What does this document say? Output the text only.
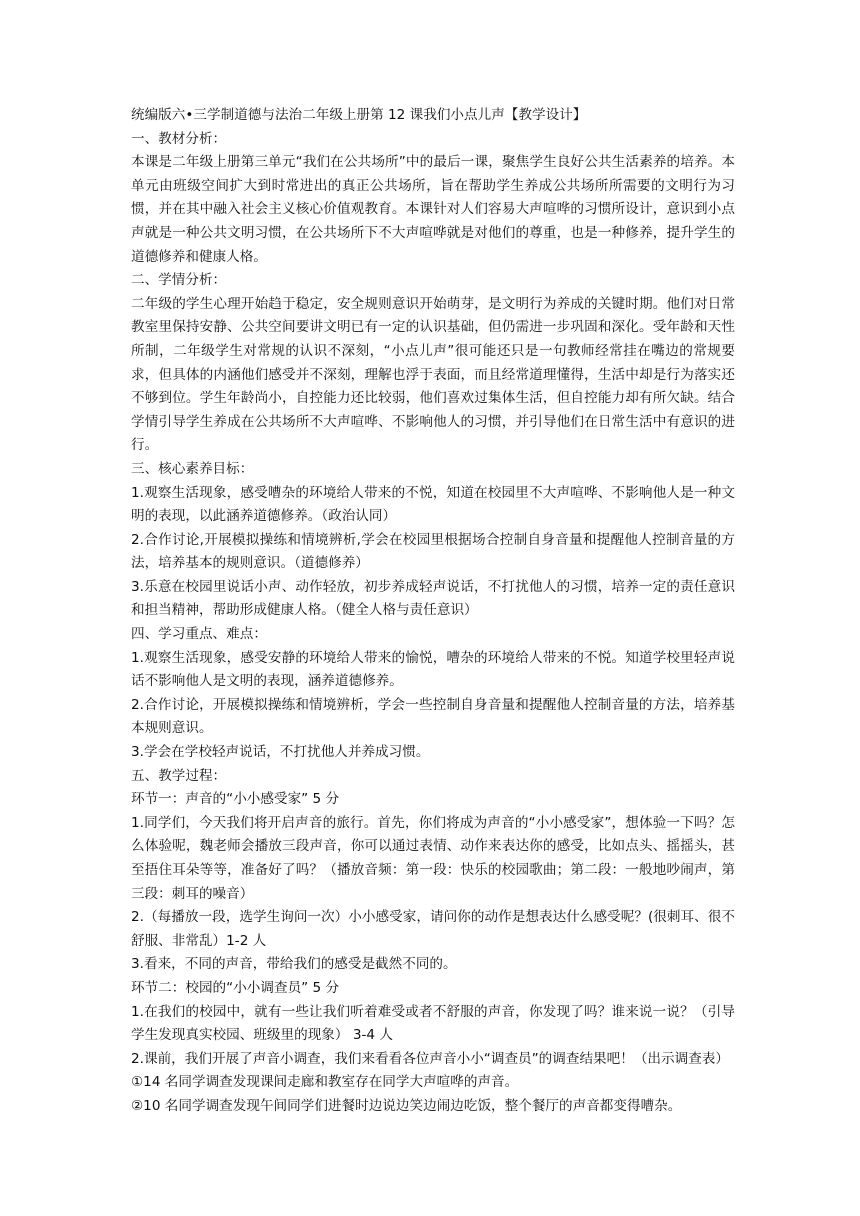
统编版六•三学制道德与法治二年级上册第 12 课我们小点儿声【教学设计】

一、教材分析：

本课是二年级上册第三单元“我们在公共场所”中的最后一课，聚焦学生良好公共生活素养的培养。本单元由班级空间扩大到时常进出的真正公共场所，旨在帮助学生养成公共场所所需要的文明行为习惯，并在其中融入社会主义核心价值观教育。本课针对人们容易大声喧哗的习惯所设计，意识到小点声就是一种公共文明习惯，在公共场所下不大声喧哗就是对他们的尊重，也是一种修养，提升学生的道德修养和健康人格。

二、学情分析：

二年级的学生心理开始趋于稳定，安全规则意识开始萌芽，是文明行为养成的关键时期。他们对日常教室里保持安静、公共空间要讲文明已有一定的认识基础，但仍需进一步巩固和深化。受年龄和天性所制，二年级学生对常规的认识不深刻，“小点儿声”很可能还只是一句教师经常挂在嘴边的常规要求，但具体的内涵他们感受并不深刻，理解也浮于表面，而且经常道理懂得，生活中却是行为落实还不够到位。学生年龄尚小，自控能力还比较弱，他们喜欢过集体生活，但自控能力却有所欠缺。结合学情引导学生养成在公共场所不大声喧哗、不影响他人的习惯，并引导他们在日常生活中有意识的进行。

三、核心素养目标：

1.观察生活现象，感受嘈杂的环境给人带来的不悦，知道在校园里不大声喧哗、不影响他人是一种文明的表现，以此涵养道德修养。（政治认同）

2.合作讨论,开展模拟操练和情境辨析,学会在校园里根据场合控制自身音量和提醒他人控制音量的方法，培养基本的规则意识。（道德修养）

3.乐意在校园里说话小声、动作轻放，初步养成轻声说话，不打扰他人的习惯，培养一定的责任意识和担当精神，帮助形成健康人格。（健全人格与责任意识）

四、学习重点、难点：

1.观察生活现象，感受安静的环境给人带来的愉悦，嘈杂的环境给人带来的不悦。知道学校里轻声说话不影响他人是文明的表现，涵养道德修养。

2.合作讨论，开展模拟操练和情境辨析，学会一些控制自身音量和提醒他人控制音量的方法，培养基本规则意识。

3.学会在学校轻声说话，不打扰他人并养成习惯。

五、教学过程：

环节一：声音的“小小感受家” 5 分

1.同学们，今天我们将开启声音的旅行。首先，你们将成为声音的“小小感受家”，想体验一下吗？怎么体验呢，魏老师会播放三段声音，你可以通过表情、动作来表达你的感受，比如点头、摇摇头，甚至捂住耳朵等等，准备好了吗？（播放音频：第一段：快乐的校园歌曲；第二段：一般地吵闹声，第三段：刺耳的噪音）

2.（每播放一段，选学生询问一次）小小感受家，请问你的动作是想表达什么感受呢？(很刺耳、很不舒服、非常乱）1-2 人

3.看来，不同的声音，带给我们的感受是截然不同的。

环节二：校园的“小小调查员” 5 分

1.在我们的校园中，就有一些让我们听着难受或者不舒服的声音，你发现了吗？谁来说一说？（引导学生发现真实校园、班级里的现象） 3-4 人

2.课前，我们开展了声音小调查，我们来看看各位声音小小“调查员”的调查结果吧！（出示调查表）

①14 名同学调查发现课间走廊和教室存在同学大声喧哗的声音。

②10 名同学调查发现午间同学们进餐时边说边笑边闹边吃饭，整个餐厅的声音都变得嘈杂。
